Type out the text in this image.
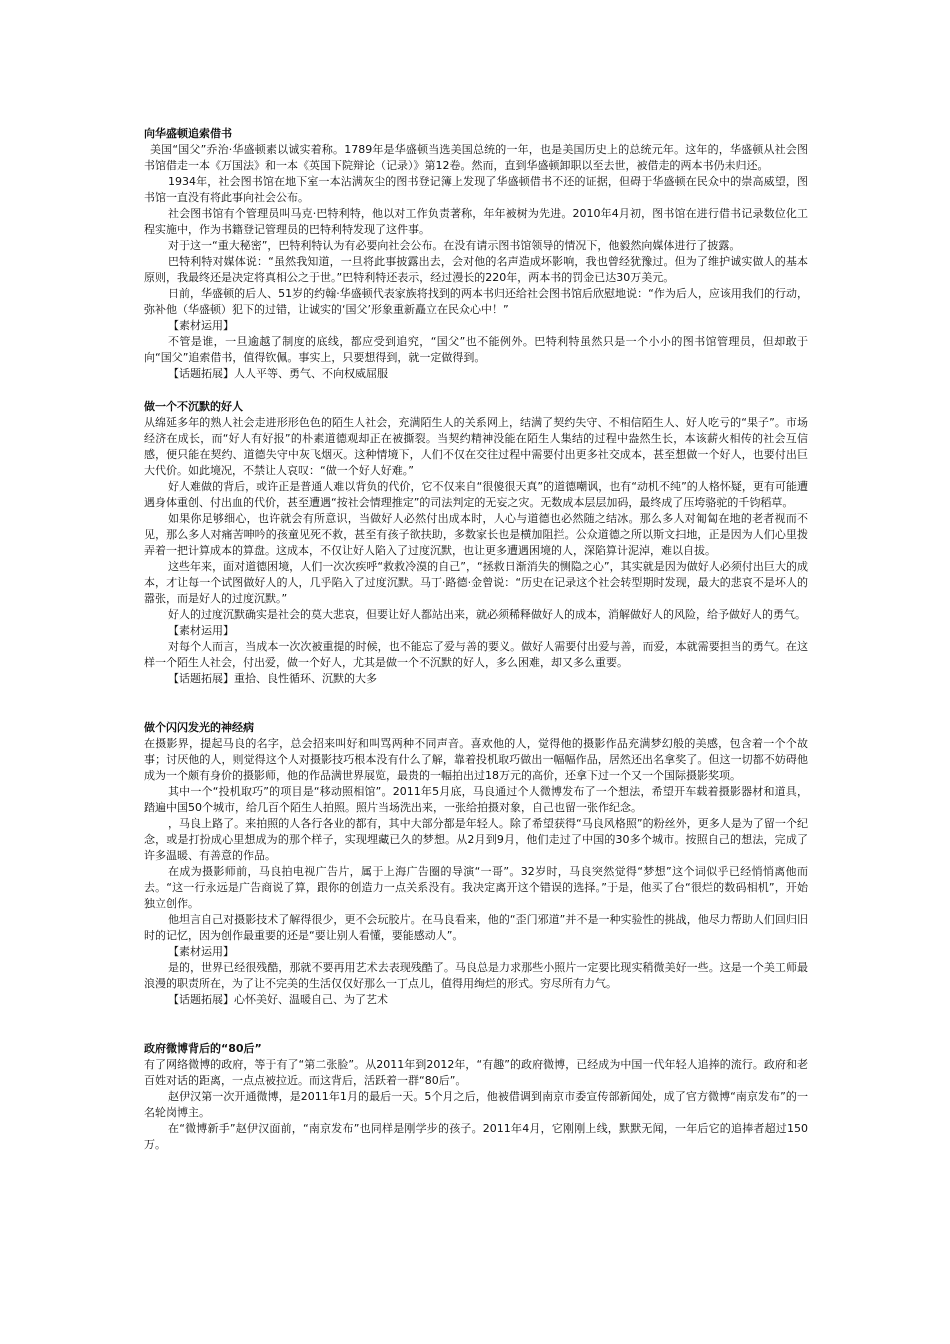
向华盛顿追索借书

美国“国父”乔治·华盛顿素以诚实着称。1789年是华盛顿当选美国总统的一年，也是美国历史上的总统元年。这年的，华盛顿从社会图书馆借走一本《万国法》和一本《英国下院辩论（记录）》第12卷。然而，直到华盛顿卸职以至去世，被借走的两本书仍未归还。

1934年，社会图书馆在地下室一本沾满灰尘的图书登记簿上发现了华盛顿借书不还的证据，但碍于华盛顿在民众中的崇高威望，图书馆一直没有将此事向社会公布。

社会图书馆有个管理员叫马克·巴特利特，他以对工作负责著称，年年被树为先进。2010年4月初，图书馆在进行借书记录数位化工程实施中，作为书籍登记管理员的巴特利特发现了这件事。

对于这一“重大秘密”，巴特利特认为有必要向社会公布。在没有请示图书馆领导的情况下，他毅然向媒体进行了披露。

巴特利特对媒体说：“虽然我知道，一旦将此事披露出去，会对他的名声造成坏影响，我也曾经犹豫过。但为了维护诚实做人的基本原则，我最终还是决定将真相公之于世。”巴特利特还表示，经过漫长的220年，两本书的罚金已达30万美元。

日前，华盛顿的后人、51岁的约翰·华盛顿代表家族将找到的两本书归还给社会图书馆后欣慰地说：“作为后人，应该用我们的行动，弥补他（华盛顿）犯下的过错，让诚实的‘国父’形象重新矗立在民众心中！”

【素材运用】

不管是谁，一旦逾越了制度的底线，都应受到追究，“国父”也不能例外。巴特利特虽然只是一个小小的图书馆管理员，但却敢于向“国父”追索借书，值得钦佩。事实上，只要想得到，就一定做得到。

【话题拓展】人人平等、勇气、不向权威屈服

做一个不沉默的好人

从绵延多年的熟人社会走进形形色色的陌生人社会，充满陌生人的关系网上，结满了契约失守、不相信陌生人、好人吃亏的“果子”。市场经济在成长，而“好人有好报”的朴素道德观却正在被撕裂。当契约精神没能在陌生人集结的过程中盎然生长，本该薪火相传的社会互信感，便只能在契约、道德失守中灰飞烟灭。这种情境下，人们不仅在交往过程中需要付出更多社交成本，甚至想做一个好人，也要付出巨大代价。如此境况，不禁让人哀叹：“做一个好人好难。”

好人难做的背后，或许正是普通人难以背负的代价，它不仅来自“很傻很天真”的道德嘲讽，也有“动机不纯”的人格怀疑，更有可能遭遇身体重创、付出血的代价，甚至遭遇“按社会情理推定”的司法判定的无妄之灾。无数成本层层加码，最终成了压垮骆驼的千钧稻草。

如果你足够细心，也许就会有所意识，当做好人必然付出成本时，人心与道德也必然随之结冰。那么多人对匍匐在地的老者视而不见，那么多人对痛苦呻吟的孩童见死不救，甚至有孩子欲扶助，多数家长也是横加阻拦。公众道德之所以斯文扫地，正是因为人们心里拨弄着一把计算成本的算盘。这成本，不仅让好人陷入了过度沉默，也让更多遭遇困境的人，深陷算计泥淖，难以自拔。

这些年来，面对道德困境，人们一次次疾呼“救救冷漠的自己”，“拯救日渐消失的恻隐之心”，其实就是因为做好人必须付出巨大的成本，才让每一个试图做好人的人，几乎陷入了过度沉默。马丁·路德·金曾说：“历史在记录这个社会转型期时发现，最大的悲哀不是坏人的嚣张，而是好人的过度沉默。”

好人的过度沉默确实是社会的莫大悲哀，但要让好人都站出来，就必须稀释做好人的成本，消解做好人的风险，给予做好人的勇气。

【素材运用】

对每个人而言，当成本一次次被重提的时候，也不能忘了爱与善的要义。做好人需要付出爱与善，而爱，本就需要担当的勇气。在这样一个陌生人社会，付出爱，做一个好人，尤其是做一个不沉默的好人，多么困难，却又多么重要。

【话题拓展】重拾、良性循环、沉默的大多

做个闪闪发光的神经病

在摄影界，提起马良的名字，总会招来叫好和叫骂两种不同声音。喜欢他的人，觉得他的摄影作品充满梦幻般的美感，包含着一个个故事；讨厌他的人，则觉得这个人对摄影技巧根本没有什么了解，靠着投机取巧做出一幅幅作品，居然还出名拿奖了。但这一切都不妨碍他成为一个颇有身价的摄影师，他的作品满世界展览，最贵的一幅拍出过18万元的高价，还拿下过一个又一个国际摄影奖项。

其中一个“投机取巧”的项目是“移动照相馆”。2011年5月底，马良通过个人微博发布了一个想法，希望开车载着摄影器材和道具，踏遍中国50个城市，给几百个陌生人拍照。照片当场洗出来，一张给拍摄对象，自己也留一张作纪念。

，马良上路了。来拍照的人各行各业的都有，其中大部分都是年轻人。除了希望获得“马良风格照”的粉丝外，更多人是为了留一个纪念，或是打扮成心里想成为的那个样子，实现埋藏已久的梦想。从2月到9月，他们走过了中国的30多个城市。按照自己的想法，完成了许多温暖、有善意的作品。

在成为摄影师前，马良拍电视广告片，属于上海广告圈的导演“一哥”。32岁时，马良突然觉得“梦想”这个词似乎已经悄悄离他而去。“这一行永远是广告商说了算，跟你的创造力一点关系没有。我决定离开这个错误的选择。”于是，他买了台“很烂的数码相机”，开始独立创作。

他坦言自己对摄影技术了解得很少，更不会玩胶片。在马良看来，他的“歪门邪道”并不是一种实验性的挑战，他尽力帮助人们回归旧时的记忆，因为创作最重要的还是“要让别人看懂，要能感动人”。

【素材运用】

是的，世界已经很残酷，那就不要再用艺术去表现残酷了。马良总是力求那些小照片一定要比现实稍微美好一些。这是一个美工师最浪漫的职责所在，为了让不完美的生活仅仅好那么一丁点儿，值得用绚烂的形式。穷尽所有力气。

【话题拓展】心怀美好、温暖自己、为了艺术

政府微博背后的“80后”

有了网络微博的政府，等于有了“第二张脸”。从2011年到2012年，“有趣”的政府微博，已经成为中国一代年轻人追捧的流行。政府和老百姓对话的距离，一点点被拉近。而这背后，活跃着一群“80后”。

赵伊汉第一次开通微博，是2011年1月的最后一天。5个月之后，他被借调到南京市委宣传部新闻处，成了官方微博“南京发布”的一名轮岗博主。

在“微博新手”赵伊汉面前，“南京发布”也同样是刚学步的孩子。2011年4月，它刚刚上线，默默无闻，一年后它的追捧者超过150万。
